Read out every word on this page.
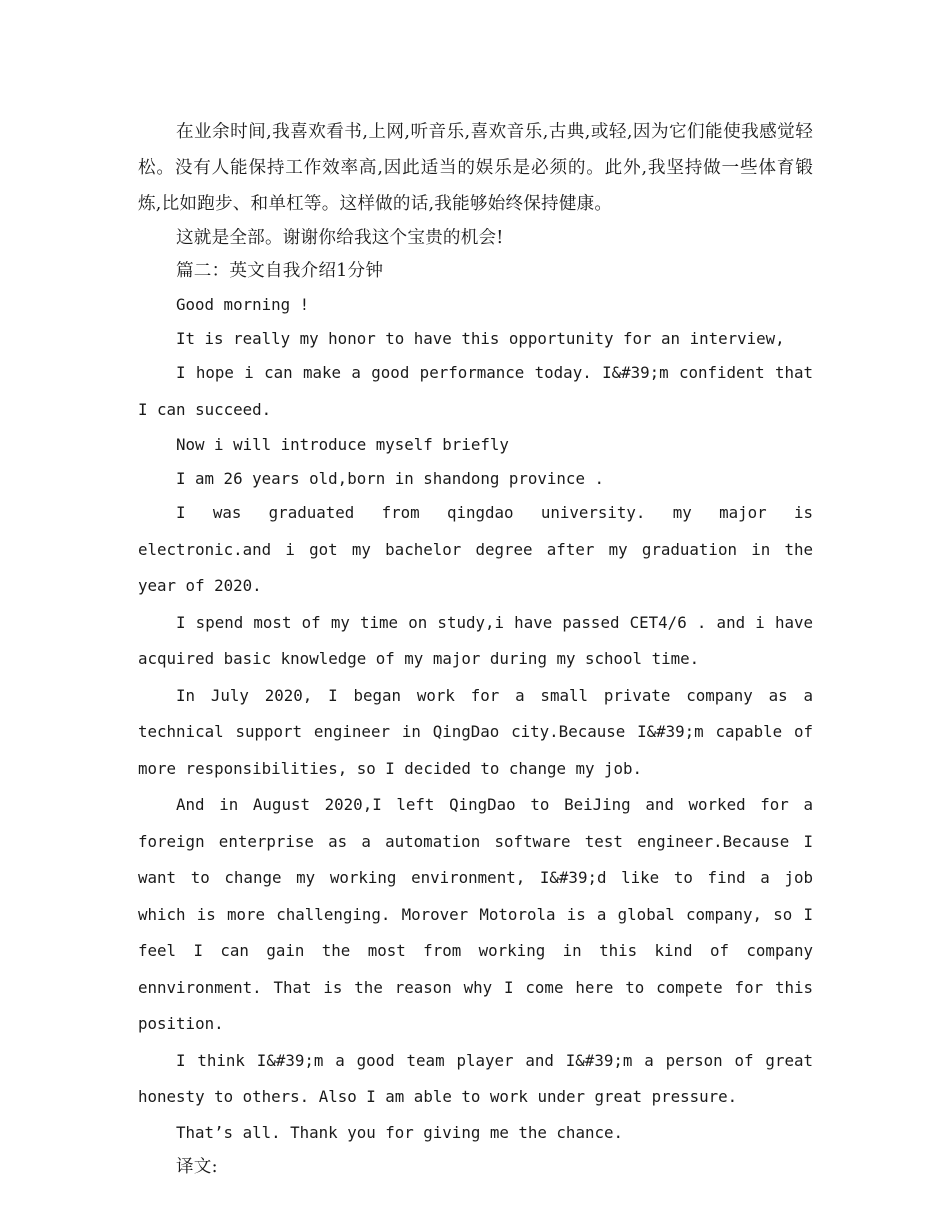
在业余时间,我喜欢看书,上网,听音乐,喜欢音乐,古典,或轻,因为它们能使我感觉轻松。没有人能保持工作效率高,因此适当的娱乐是必须的。此外,我坚持做一些体育锻炼,比如跑步、和单杠等。这样做的话,我能够始终保持健康。

这就是全部。谢谢你给我这个宝贵的机会!

篇二：英文自我介绍1分钟

Good morning !

It is really my honor to have this opportunity for an interview,

I hope i can make a good performance today. I&#39;m confident that I can succeed.

Now i will introduce myself briefly

I am 26 years old,born in shandong province .

I was graduated from qingdao university. my major is electronic.and i got my bachelor degree after my graduation in the year of 2020.

I spend most of my time on study,i have passed CET4/6 . and i have acquired basic knowledge of my major during my school time.

In July 2020, I began work for a small private company as a technical support engineer in QingDao city.Because I&#39;m capable of more responsibilities, so I decided to change my job.

And in August 2020,I left QingDao to BeiJing and worked for a foreign enterprise as a automation software test engineer.Because I want to change my working environment, I&#39;d like to find a job which is more challenging. Morover Motorola is a global company, so I feel I can gain the most from working in this kind of company ennvironment. That is the reason why I come here to compete for this position.

I think I&#39;m a good team player and I&#39;m a person of great honesty to others. Also I am able to work under great pressure.

That’s all. Thank you for giving me the chance.

译文:
